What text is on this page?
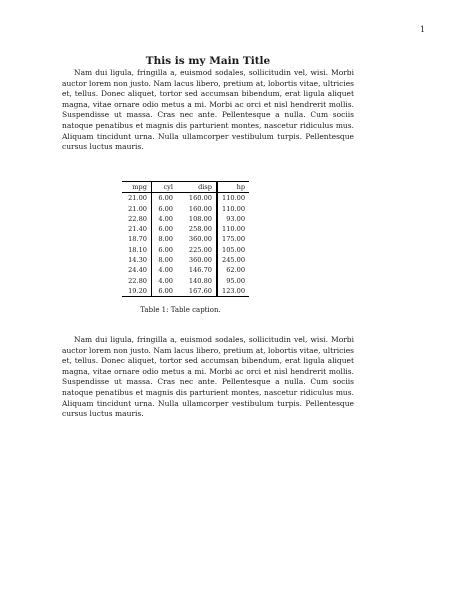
1
This is my Main Title

Nam dui ligula, fringilla a, euismod sodales, sollicitudin vel, wisi. Morbi auctor lorem non justo. Nam lacus libero, pretium at, lobortis vitae, ultricies et, tellus. Donec aliquet, tortor sed accumsan bibendum, erat ligula aliquet magna, vitae ornare odio metus a mi. Morbi ac orci et nisl hendrerit mollis. Suspendisse ut massa. Cras nec ante. Pellentesque a nulla. Cum sociis natoque penatibus et magnis dis parturient montes, nascetur ridiculus mus. Aliquam tincidunt urna. Nulla ullamcorper vestibulum turpis. Pellentesque cursus luctus mauris.

mpg	cyl	disp	hp
21.00	6.00	160.00	110.00
21.00	6.00	160.00	110.00
22.80	4.00	108.00	93.00
21.40	6.00	258.00	110.00
18.70	8.00	360.00	175.00
18.10	6.00	225.00	105.00
14.30	8.00	360.00	245.00
24.40	4.00	146.70	62.00
22.80	4.00	140.80	95.00
19.20	6.00	167.60	123.00

Table 1: Table caption.

Nam dui ligula, fringilla a, euismod sodales, sollicitudin vel, wisi. Morbi auctor lorem non justo. Nam lacus libero, pretium at, lobortis vitae, ultricies et, tellus. Donec aliquet, tortor sed accumsan bibendum, erat ligula aliquet magna, vitae ornare odio metus a mi. Morbi ac orci et nisl hendrerit mollis. Suspendisse ut massa. Cras nec ante. Pellentesque a nulla. Cum sociis natoque penatibus et magnis dis parturient montes, nascetur ridiculus mus. Aliquam tincidunt urna. Nulla ullamcorper vestibulum turpis. Pellentesque cursus luctus mauris.
